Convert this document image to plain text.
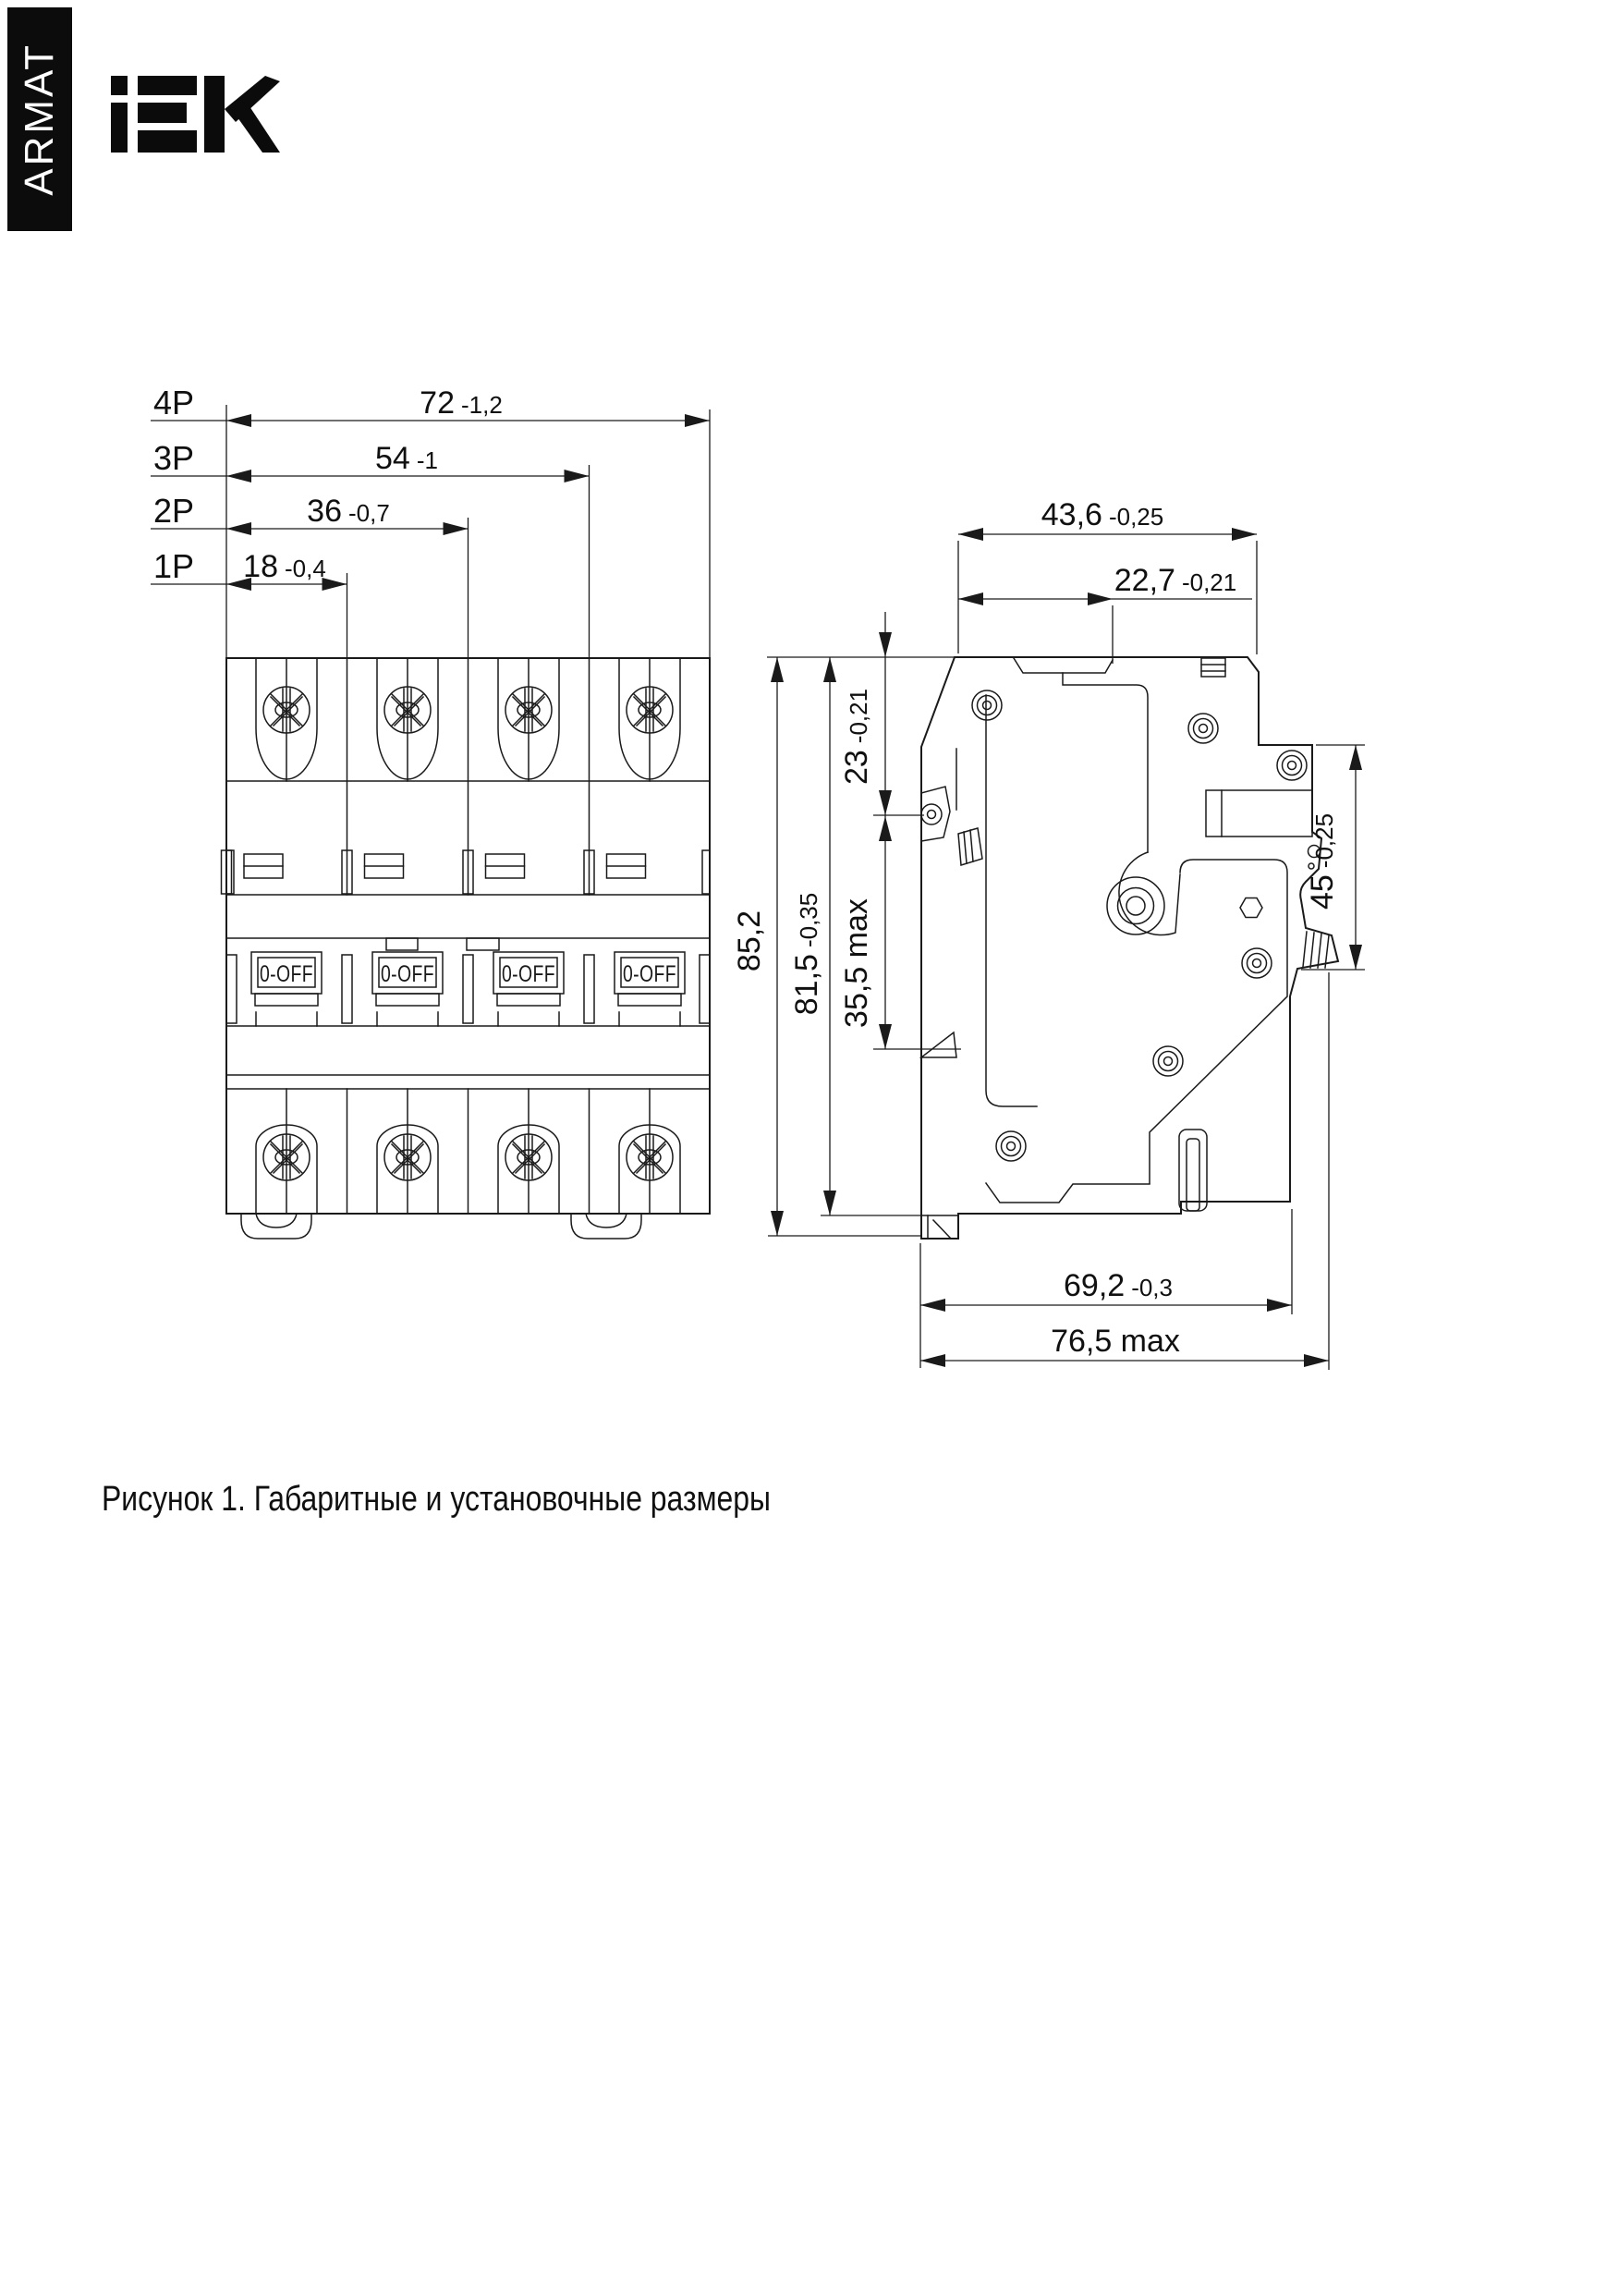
ARMAT
4P	72 -1,2
3P	54 -1
2P	36 -0,7
1P 18 -0,4
0-OFF	0-OFF	0-OFF	0-OFF
43,6 -0,25
22,7 -0,21
23-0,21
35,5 max
85,2
81,5-0,35
45-0,25
69,2 -0,3
76,5 max
Рисунок 1. Габаритные и установочные размеры
